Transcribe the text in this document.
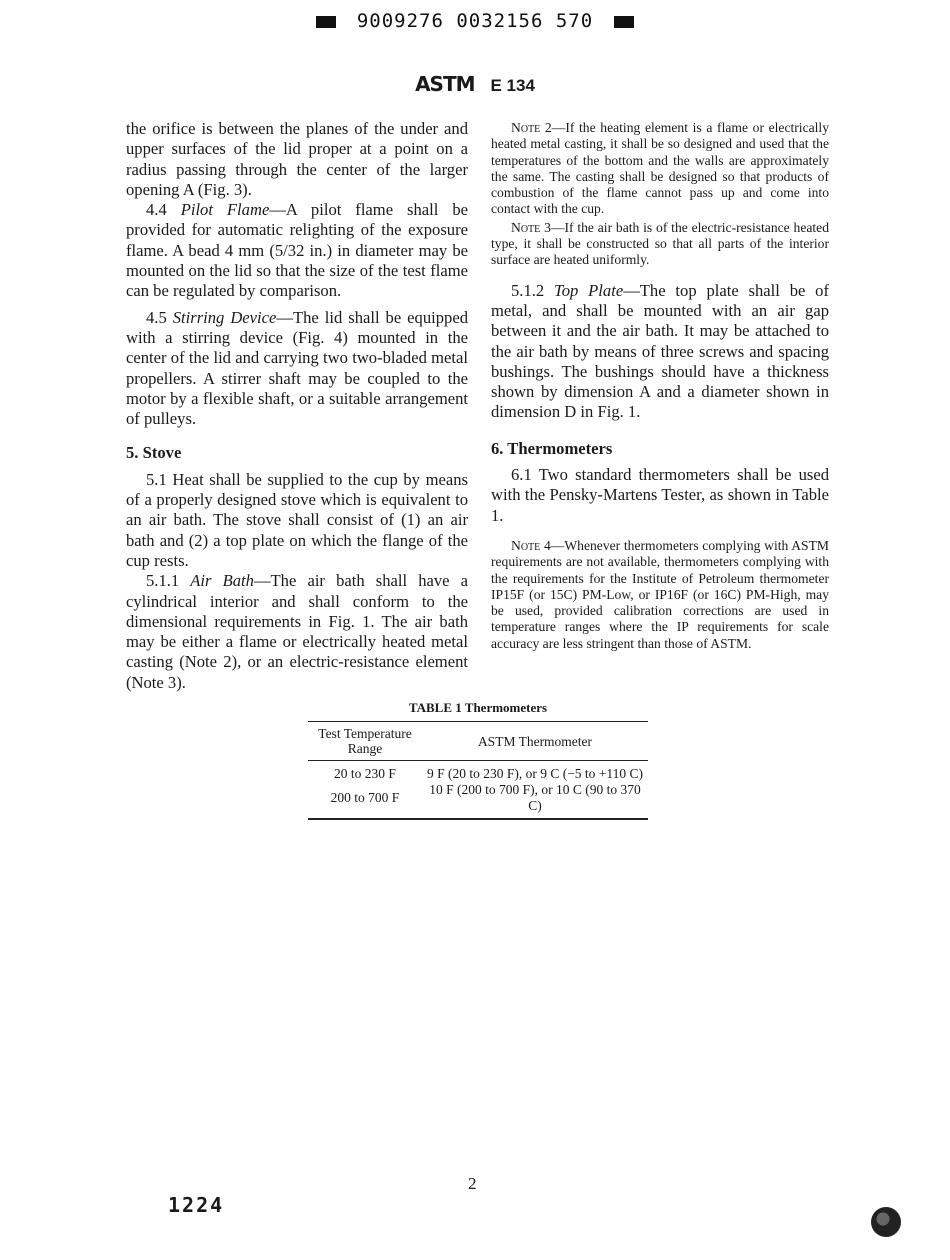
9009276 0032156 570
ASTM E 134

the orifice is between the planes of the under and upper surfaces of the lid proper at a point on a radius passing through the center of the larger opening A (Fig. 3).

4.4 Pilot Flame—A pilot flame shall be provided for automatic relighting of the exposure flame. A bead 4 mm (5/32 in.) in diameter may be mounted on the lid so that the size of the test flame can be regulated by comparison.

4.5 Stirring Device—The lid shall be equipped with a stirring device (Fig. 4) mounted in the center of the lid and carrying two two-bladed metal propellers. A stirrer shaft may be coupled to the motor by a flexible shaft, or a suitable arrangement of pulleys.

5. Stove

5.1 Heat shall be supplied to the cup by means of a properly designed stove which is equivalent to an air bath. The stove shall consist of (1) an air bath and (2) a top plate on which the flange of the cup rests.

5.1.1 Air Bath—The air bath shall have a cylindrical interior and shall conform to the dimensional requirements in Fig. 1. The air bath may be either a flame or electrically heated metal casting (Note 2), or an electric-resistance element (Note 3).

Note 2—If the heating element is a flame or electrically heated metal casting, it shall be so designed and used that the temperatures of the bottom and the walls are approximately the same. The casting shall be designed so that products of combustion of the flame cannot pass up and come into contact with the cup.

Note 3—If the air bath is of the electric-resistance heated type, it shall be constructed so that all parts of the interior surface are heated uniformly.

5.1.2 Top Plate—The top plate shall be of metal, and shall be mounted with an air gap between it and the air bath. It may be attached to the air bath by means of three screws and spacing bushings. The bushings should have a thickness shown by dimension A and a diameter shown in dimension D in Fig. 1.

6. Thermometers

6.1 Two standard thermometers shall be used with the Pensky-Martens Tester, as shown in Table 1.

Note 4—Whenever thermometers complying with ASTM requirements are not available, thermometers complying with the requirements for the Institute of Petroleum thermometer IP15F (or 15C) PM-Low, or IP16F (or 16C) PM-High, may be used, provided calibration corrections are used in temperature ranges where the IP requirements for scale accuracy are less stringent than those of ASTM.

TABLE 1 Thermometers
Test Temperature Range	ASTM Thermometer
20 to 230 F	9 F (20 to 230 F), or 9 C (−5 to +110 C)
200 to 700 F	10 F (200 to 700 F), or 10 C (90 to 370 C)
1224
2
